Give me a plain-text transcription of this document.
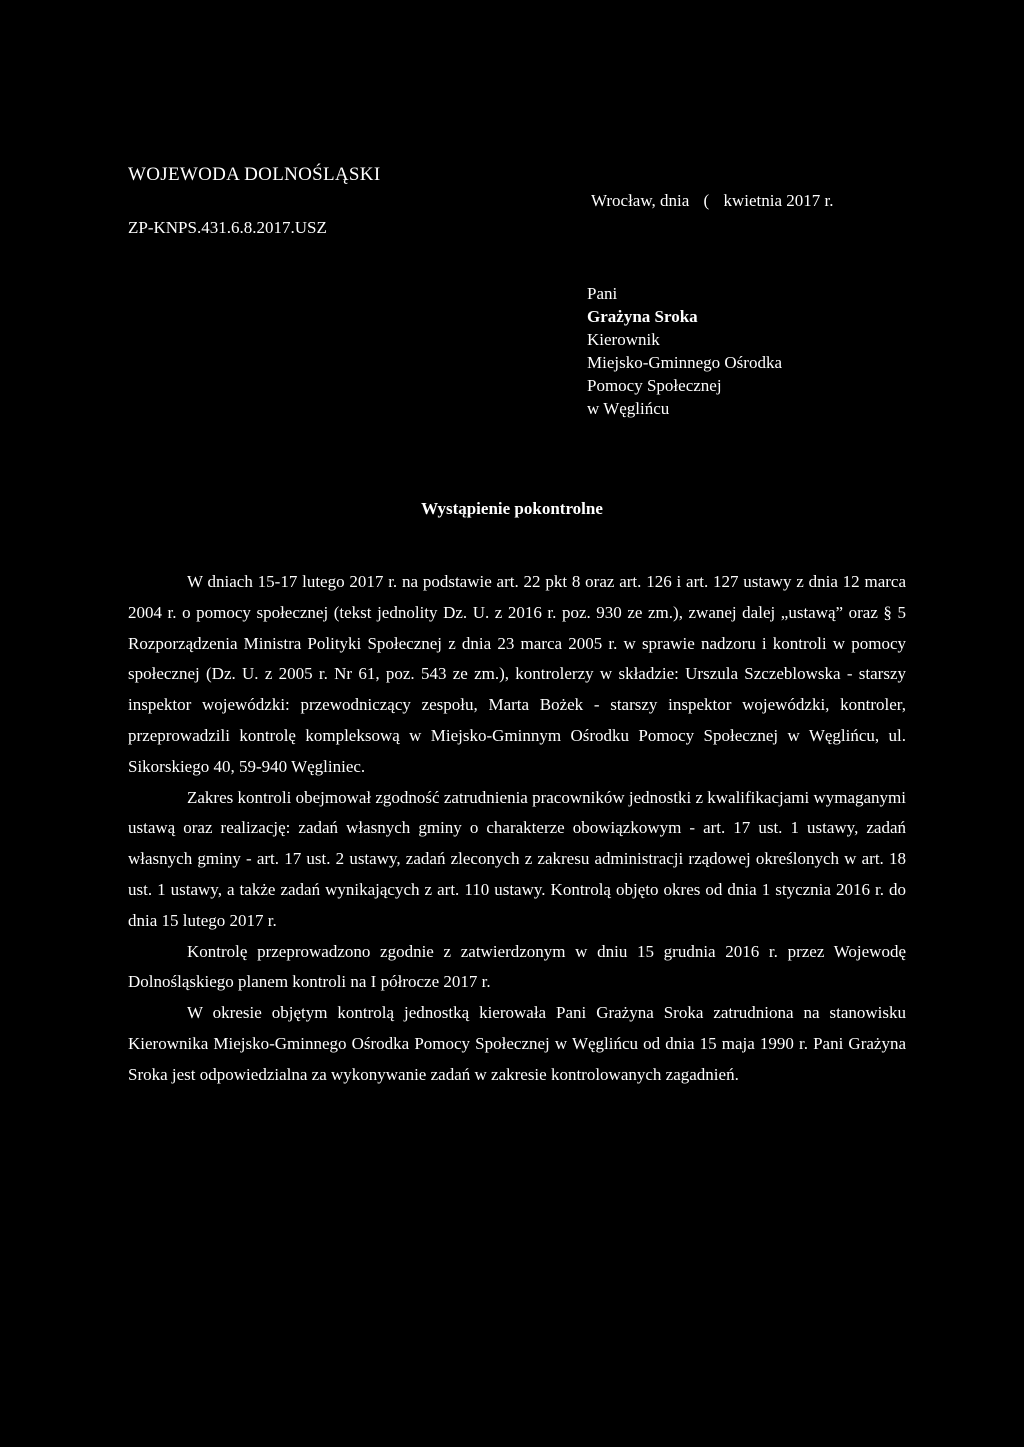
WOJEWODA DOLNOŚLĄSKI
ZP-KNPS.431.6.8.2017.USZ
Wrocław, dnia ( kwietnia 2017 r.
Pani
Grażyna Sroka
Kierownik
Miejsko-Gminnego Ośrodka
Pomocy Społecznej
w Węglińcu
Wystąpienie pokontrolne

W dniach 15-17 lutego 2017 r. na podstawie art. 22 pkt 8 oraz art. 126 i art. 127 ustawy z dnia 12 marca 2004 r. o pomocy społecznej (tekst jednolity Dz. U. z 2016 r. poz. 930 ze zm.), zwanej dalej „ustawą” oraz § 5 Rozporządzenia Ministra Polityki Społecznej z dnia 23 marca 2005 r. w sprawie nadzoru i kontroli w pomocy społecznej (Dz. U. z 2005 r. Nr 61, poz. 543 ze zm.), kontrolerzy w składzie: Urszula Szczeblowska - starszy inspektor wojewódzki: przewodniczący zespołu, Marta Bożek - starszy inspektor wojewódzki, kontroler, przeprowadzili kontrolę kompleksową w Miejsko-Gminnym Ośrodku Pomocy Społecznej w Węglińcu, ul. Sikorskiego 40, 59-940 Węgliniec.

Zakres kontroli obejmował zgodność zatrudnienia pracowników jednostki z kwalifikacjami wymaganymi ustawą oraz realizację: zadań własnych gminy o charakterze obowiązkowym - art. 17 ust. 1 ustawy, zadań własnych gminy - art. 17 ust. 2 ustawy, zadań zleconych z zakresu administracji rządowej określonych w art. 18 ust. 1 ustawy, a także zadań wynikających z art. 110 ustawy. Kontrolą objęto okres od dnia 1 stycznia 2016 r. do dnia 15 lutego 2017 r.

Kontrolę przeprowadzono zgodnie z zatwierdzonym w dniu 15 grudnia 2016 r. przez Wojewodę Dolnośląskiego planem kontroli na I półrocze 2017 r.

W okresie objętym kontrolą jednostką kierowała Pani Grażyna Sroka zatrudniona na stanowisku Kierownika Miejsko-Gminnego Ośrodka Pomocy Społecznej w Węglińcu od dnia 15 maja 1990 r. Pani Grażyna Sroka jest odpowiedzialna za wykonywanie zadań w zakresie kontrolowanych zagadnień.
